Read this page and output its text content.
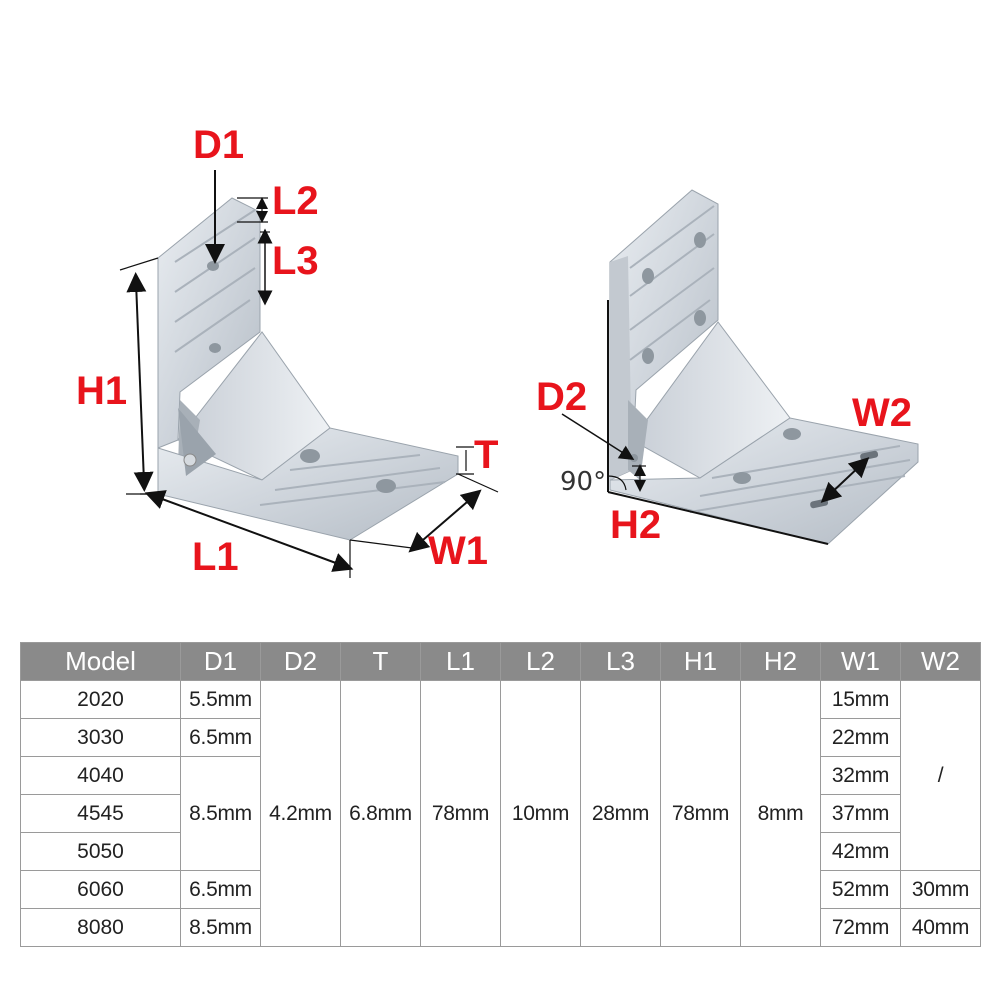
D1
L2
L3
H1
T
L1	W1
D2	W2
H2
90°
Model	D1	D2	T	L1	L2	L3	H1	H2	W1	W2
2020	5.5mm	4.2mm	6.8mm	78mm	10mm	28mm	78mm	8mm	15mm	/
3030	6.5mm								22mm	
4040	8.5mm								32mm	
4545									37mm	
5050									42mm	
6060	6.5mm								52mm	30mm
8080	8.5mm								72mm	40mm
